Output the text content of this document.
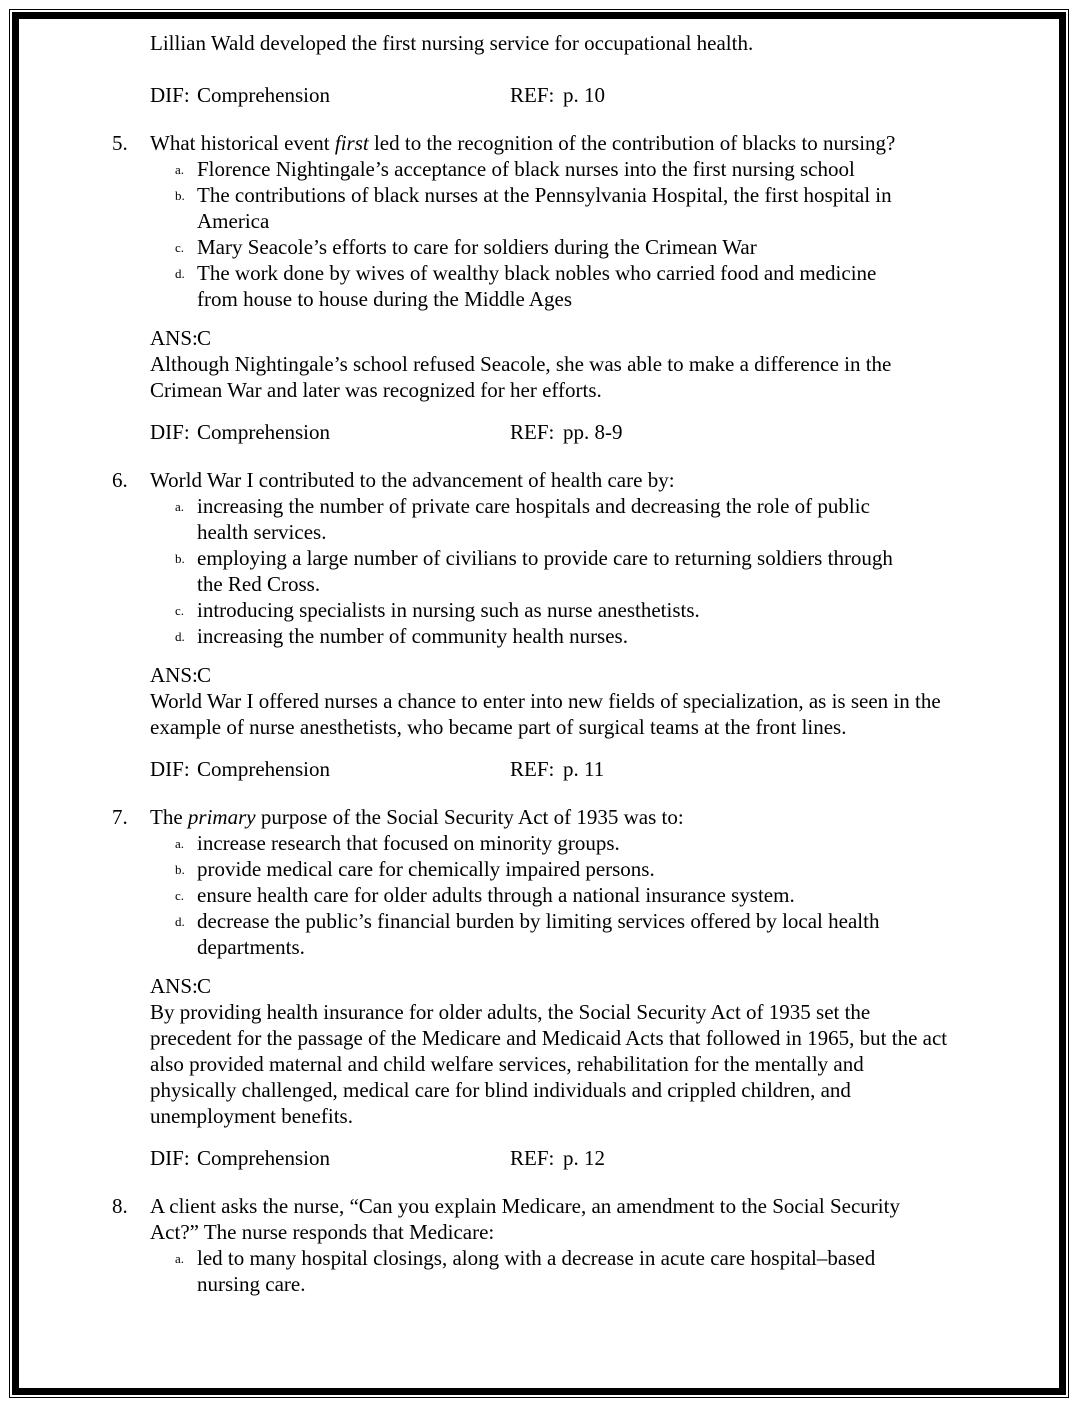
Lillian Wald developed the first nursing service for occupational health.

DIF: Comprehension	REF: p. 10
5.	What historical event first led to the recognition of the contribution of blacks to nursing?

a. Florence Nightingale’s acceptance of black nurses into the first nursing school

b. The contributions of black nurses at the Pennsylvania Hospital, the first hospital in America

c. Mary Seacole’s efforts to care for soldiers during the Crimean War

d. The work done by wives of wealthy black nobles who carried food and medicine from house to house during the Middle Ages

ANS:C

Although Nightingale’s school refused Seacole, she was able to make a difference in the Crimean War and later was recognized for her efforts.

DIF: Comprehension	REF: pp. 8-9
6.	World War I contributed to the advancement of health care by:

a. increasing the number of private care hospitals and decreasing the role of public health services.

b. employing a large number of civilians to provide care to returning soldiers through the Red Cross.

c. introducing specialists in nursing such as nurse anesthetists.

d. increasing the number of community health nurses.

ANS:C

World War I offered nurses a chance to enter into new fields of specialization, as is seen in the example of nurse anesthetists, who became part of surgical teams at the front lines.

DIF: Comprehension	REF: p. 11
7.	The primary purpose of the Social Security Act of 1935 was to:

a. increase research that focused on minority groups.

b. provide medical care for chemically impaired persons.

c. ensure health care for older adults through a national insurance system.

d. decrease the public’s financial burden by limiting services offered by local health departments.

ANS:C

By providing health insurance for older adults, the Social Security Act of 1935 set the precedent for the passage of the Medicare and Medicaid Acts that followed in 1965, but the act also provided maternal and child welfare services, rehabilitation for the mentally and physically challenged, medical care for blind individuals and crippled children, and unemployment benefits.

DIF: Comprehension	REF: p. 12
8.	A client asks the nurse, “Can you explain Medicare, an amendment to the Social Security Act?” The nurse responds that Medicare:

a. led to many hospital closings, along with a decrease in acute care hospital–based nursing care.
